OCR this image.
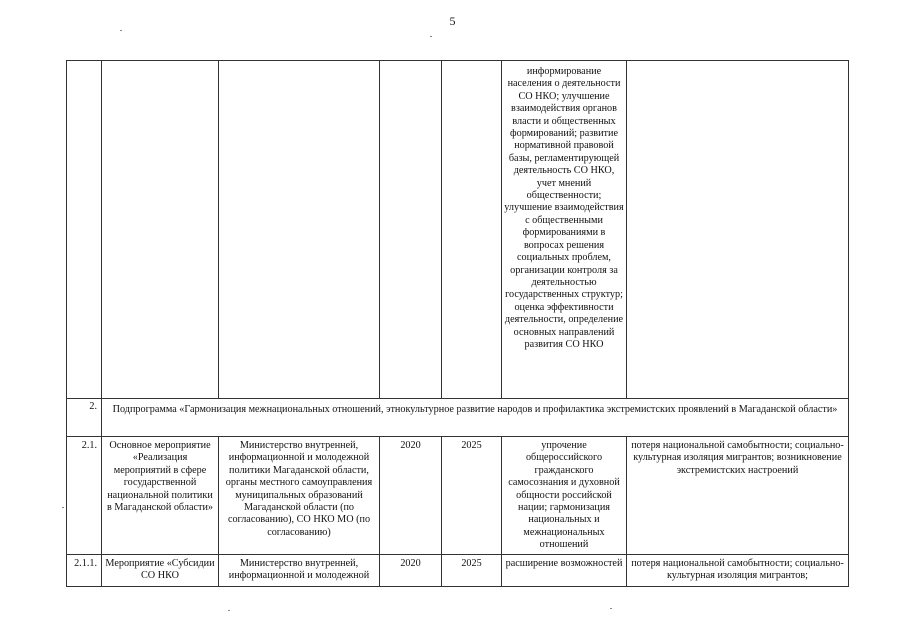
5
					информирование населения о деятельности СО НКО; улучшение взаимодействия органов власти и общественных формирований; развитие нормативной правовой базы, регламентирующей деятельность СО НКО, учет мнений общественности; улучшение взаимодействия с общественными формированиями в вопросах решения социальных проблем, организации контроля за деятельностью государственных структур; оценка эффективности деятельности, определение основных направлений развития СО НКО	
2.	Подпрограмма «Гармонизация межнациональных отношений, этнокультурное развитие народов и профилактика экстремистских проявлений в Магаданской области»					
2.1.	Основное мероприятие «Реализация мероприятий в сфере государственной национальной политики в Магаданской области»	Министерство внутренней, информационной и молодежной политики Магаданской области, органы местного самоуправления муниципальных образований Магаданской области (по согласованию), СО НКО МО (по согласованию)	2020	2025	упрочение общероссийского гражданского самосознания и духовной общности российской нации; гармонизация национальных и межнациональных отношений	потеря национальной самобытности; социально-культурная изоляция мигрантов; возникновение экстремистских настроений
2.1.1.	Мероприятие «Субсидии СО НКО	Министерство внутренней, информационной и молодежной	2020	2025	расширение возможностей	потеря национальной самобытности; социально-культурная изоляция мигрантов;
